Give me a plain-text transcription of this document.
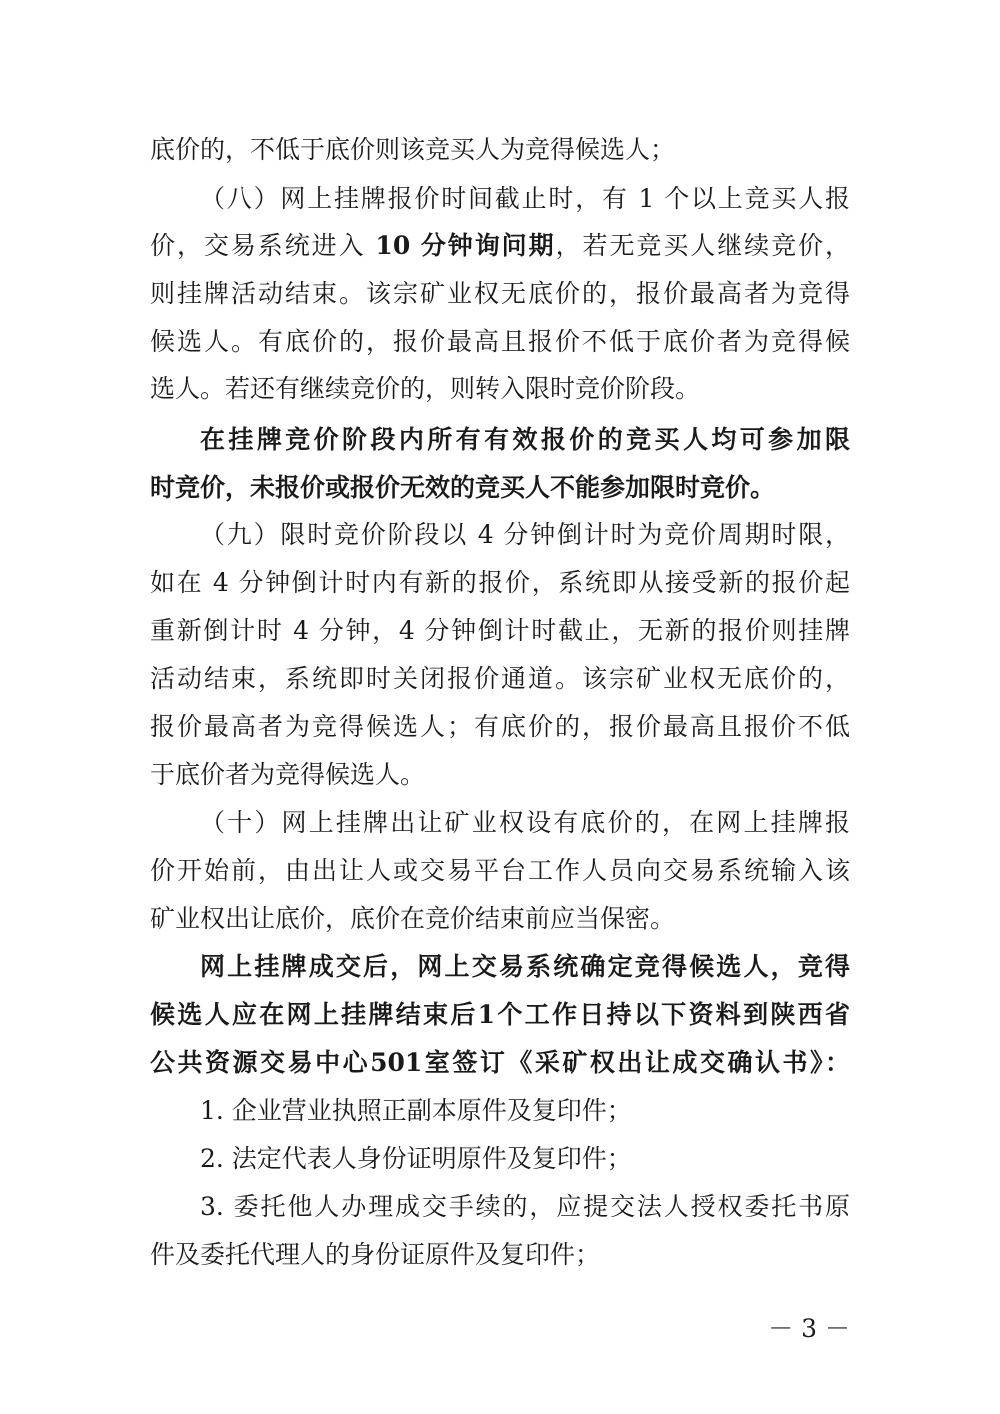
底价的，不低于底价则该竞买人为竞得候选人；
（八）网上挂牌报价时间截止时，有 1 个以上竞买人报
价，交易系统进入 10 分钟询问期，若无竞买人继续竞价，
则挂牌活动结束。该宗矿业权无底价的，报价最高者为竞得
候选人。有底价的，报价最高且报价不低于底价者为竞得候
选人。若还有继续竞价的，则转入限时竞价阶段。
在挂牌竞价阶段内所有有效报价的竞买人均可参加限
时竞价，未报价或报价无效的竞买人不能参加限时竞价。
（九）限时竞价阶段以 4 分钟倒计时为竞价周期时限，
如在 4 分钟倒计时内有新的报价，系统即从接受新的报价起
重新倒计时 4 分钟，4 分钟倒计时截止，无新的报价则挂牌
活动结束，系统即时关闭报价通道。该宗矿业权无底价的，
报价最高者为竞得候选人；有底价的，报价最高且报价不低
于底价者为竞得候选人。
（十）网上挂牌出让矿业权设有底价的，在网上挂牌报
价开始前，由出让人或交易平台工作人员向交易系统输入该
矿业权出让底价，底价在竞价结束前应当保密。
网上挂牌成交后，网上交易系统确定竞得候选人，竞得
候选人应在网上挂牌结束后1个工作日持以下资料到陕西省
公共资源交易中心501室签订《采矿权出让成交确认书》：
1. 企业营业执照正副本原件及复印件；
2. 法定代表人身份证明原件及复印件；
3. 委托他人办理成交手续的，应提交法人授权委托书原
件及委托代理人的身份证原件及复印件；
－ 3 －
